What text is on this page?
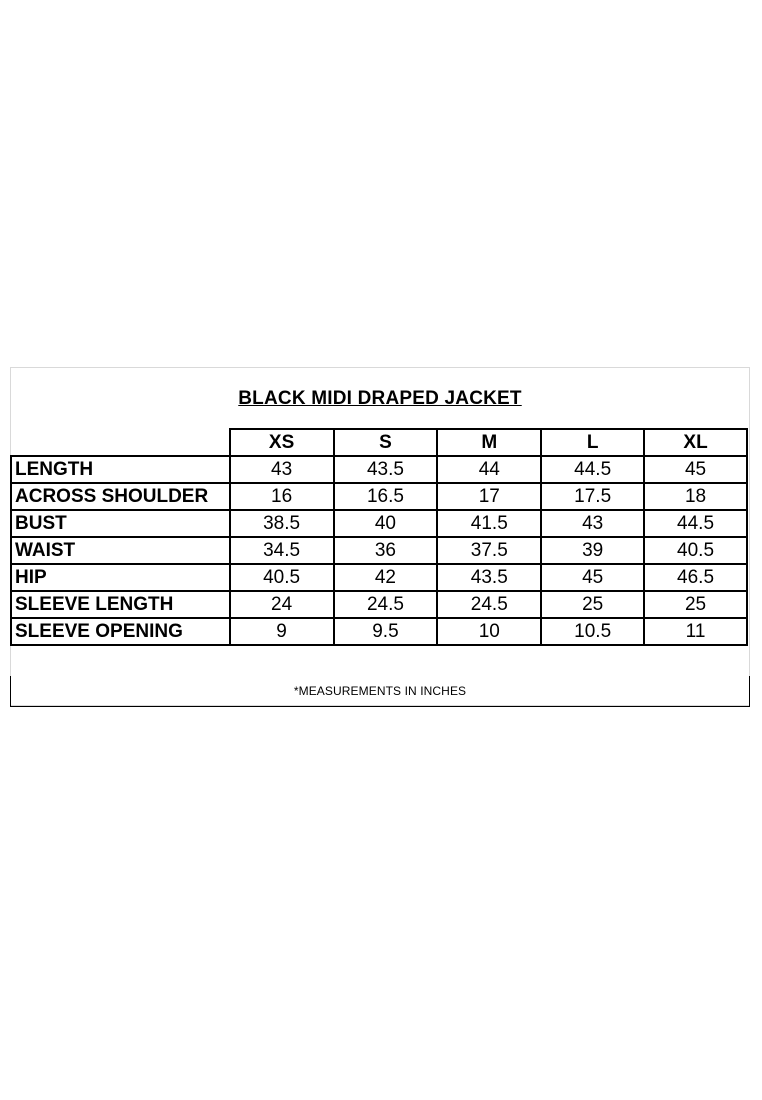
BLACK MIDI DRAPED JACKET
	XS	S	M	L	XL
LENGTH	43	43.5	44	44.5	45
ACROSS SHOULDER	16	16.5	17	17.5	18
BUST	38.5	40	41.5	43	44.5
WAIST	34.5	36	37.5	39	40.5
HIP	40.5	42	43.5	45	46.5
SLEEVE LENGTH	24	24.5	24.5	25	25
SLEEVE OPENING	9	9.5	10	10.5	11
*MEASUREMENTS IN INCHES
